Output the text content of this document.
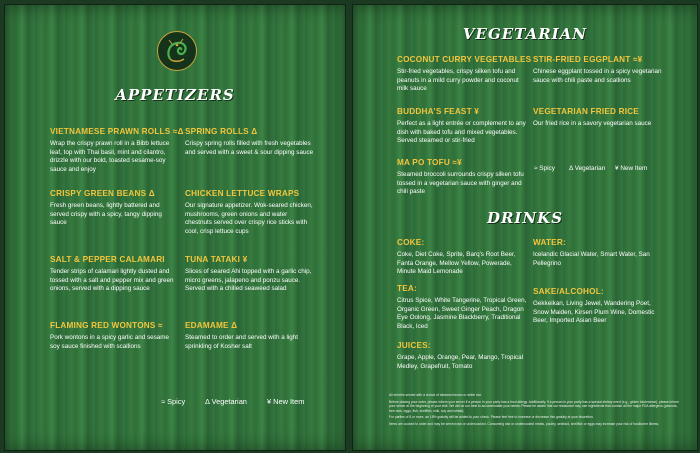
APPETIZERS
VIETNAMESE PRAWN ROLLS ≈Δ
Wrap the crispy prawn roll in a Bibb lettuce leaf, top with Thai basil, mint and cilantro, drizzle with our bold, toasted sesame-soy sauce and enjoy
SPRING ROLLS Δ
Crispy spring rolls filled with fresh vegetables and served with a sweet & sour dipping sauce
CRISPY GREEN BEANS Δ
Fresh green beans, lightly battered and served crispy with a spicy, tangy dipping sauce
CHICKEN LETTUCE WRAPS
Our signature appetizer. Wok-seared chicken, mushrooms, green onions and water chestnuts served over crispy rice sticks with cool, crisp lettuce cups
SALT & PEPPER CALAMARI
Tender strips of calamari lightly dusted and tossed with a salt and pepper mix and green onions, served with a dipping sauce
TUNA TATAKI ¥
Slices of seared Ahi topped with a garlic chip, micro greens, jalapeno and ponzu sauce. Served with a chilled seaweed salad
FLAMING RED WONTONS ≈
Pork wontons in a spicy garlic and sesame soy sauce finished with scallions
EDAMAME Δ
Steamed to order and served with a light sprinkling of Kosher salt
≈ Spicy	Δ Vegetarian	¥ New Item
VEGETARIAN
COCONUT CURRY VEGETABLES
Stir-fried vegetables, crispy silken tofu and peanuts in a mild curry powder and coconut milk sauce
STIR-FRIED EGGPLANT ≈¥
Chinese eggplant tossed in a spicy vegetarian sauce with chili paste and scallions
BUDDHA'S FEAST ¥
Perfect as a light entrée or complement to any dish with baked tofu and mixed vegetables. Served steamed or stir-fried
VEGETARIAN FRIED RICE
Our fried rice in a savory vegetarian sauce
MA PO TOFU ≈¥
Steamed broccoli surrounds crispy silken tofu tossed in a vegetarian sauce with ginger and chili paste
≈ Spicy Δ Vegetarian ¥ New Item
DRINKS
COKE:
Coke, Diet Coke, Sprite, Barq's Root Beer, Fanta Orange, Mellow Yellow, Powerade, Minute Maid Lemonade
WATER:
Icelandic Glacial Water, Smart Water, San Pellegrino
TEA:
Citrus Spice, White Tangerine, Tropical Green, Organic Green, Sweet Ginger Peach, Dragon Eye Oolong, Jasmine Blackberry, Traditional Black, Iced
SAKE/ALCOHOL:
Gekkeikan, Living Jewel, Wandering Poet, Snow Maiden, Kirsen Plum Wine, Domestic Beer, Imported Asian Beer
JUICES:
Grape, Apple, Orange, Pear, Mango, Tropical Medley, Grapefruit, Tomato

All entrées served with a choice of steamed brown or white rice.

Before placing your order, please inform your server if a person in your party has a food allergy. Additionally, if a person in your party has a special dietary need (e.g., gluten intolerance), please inform your server at the beginning of your visit. We will do our best to accommodate your needs. Please be aware that our restaurant may use ingredients that contain all the major FDA allergens (peanuts, tree nuts, eggs, fish, shellfish, milk, soy and wheat).

For parties of 8 or more, an 18% gratuity will be added to your check. Please feel free to increase or decrease this gratuity at your discretion.

Items are cooked to order and may be served raw or undercooked. Consuming raw or undercooked meats, poultry, seafood, shellfish or eggs may increase your risk of foodborne illness.
